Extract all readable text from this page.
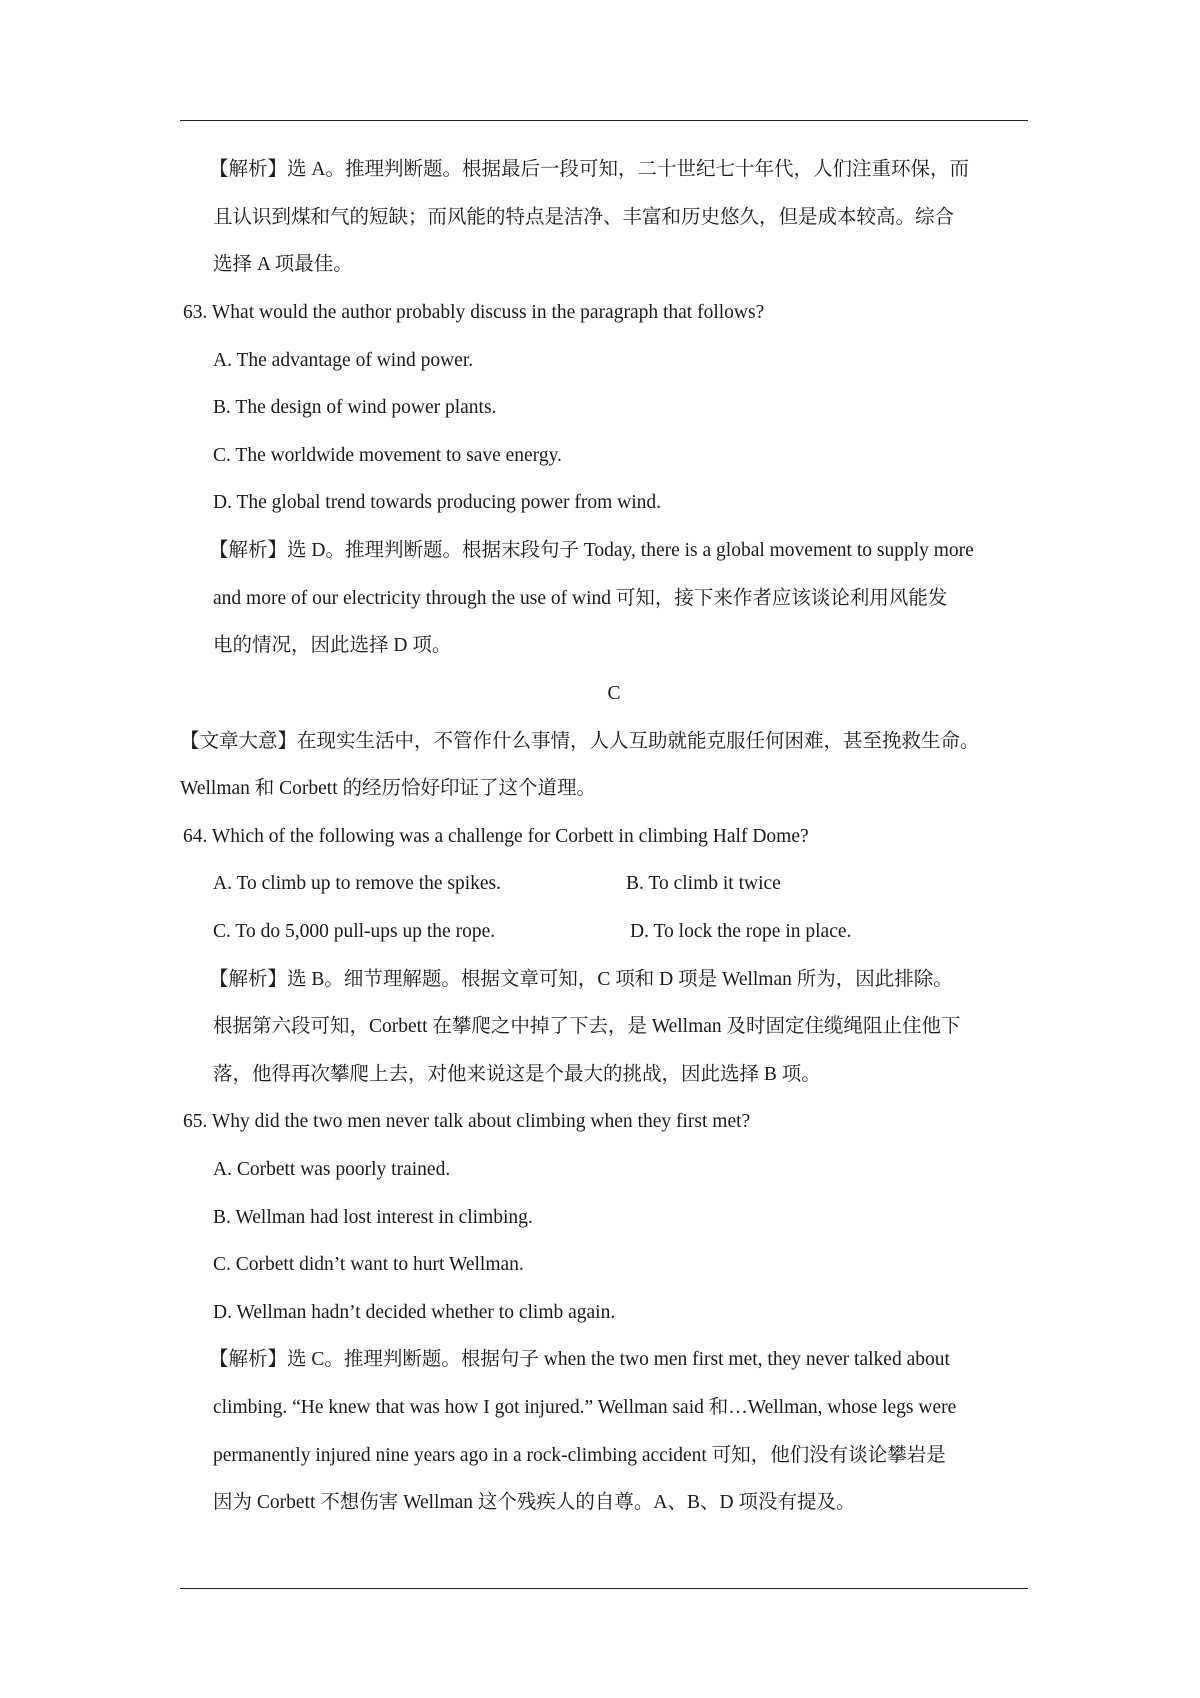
【解析】选 A。推理判断题。根据最后一段可知，二十世纪七十年代，人们注重环保，而
且认识到煤和气的短缺；而风能的特点是洁净、丰富和历史悠久，但是成本较高。综合
选择 A 项最佳。
63. What would the author probably discuss in the paragraph that follows?
A. The advantage of wind power.
B. The design of wind power plants.
C. The worldwide movement to save energy.
D. The global trend towards producing power from wind.
【解析】选 D。推理判断题。根据末段句子 Today, there is a global movement to supply more
and more of our electricity through the use of wind 可知，接下来作者应该谈论利用风能发
电的情况，因此选择 D 项。
C
【文章大意】在现实生活中，不管作什么事情，人人互助就能克服任何困难，甚至挽救生命。
Wellman 和 Corbett 的经历恰好印证了这个道理。
64. Which of the following was a challenge for Corbett in climbing Half Dome?
A. To climb up to remove the spikes.	B. To climb it twice
C. To do 5,000 pull-ups up the rope.	D. To lock the rope in place.
【解析】选 B。细节理解题。根据文章可知，C 项和 D 项是 Wellman 所为，因此排除。
根据第六段可知，Corbett 在攀爬之中掉了下去，是 Wellman 及时固定住缆绳阻止住他下
落，他得再次攀爬上去，对他来说这是个最大的挑战，因此选择 B 项。
65. Why did the two men never talk about climbing when they first met?
A. Corbett was poorly trained.
B. Wellman had lost interest in climbing.
C. Corbett didn’t want to hurt Wellman.
D. Wellman hadn’t decided whether to climb again.
【解析】选 C。推理判断题。根据句子 when the two men first met, they never talked about
climbing. “He knew that was how I got injured.” Wellman said 和…Wellman, whose legs were
permanently injured nine years ago in a rock-climbing accident 可知，他们没有谈论攀岩是
因为 Corbett 不想伤害 Wellman 这个残疾人的自尊。A、B、D 项没有提及。
